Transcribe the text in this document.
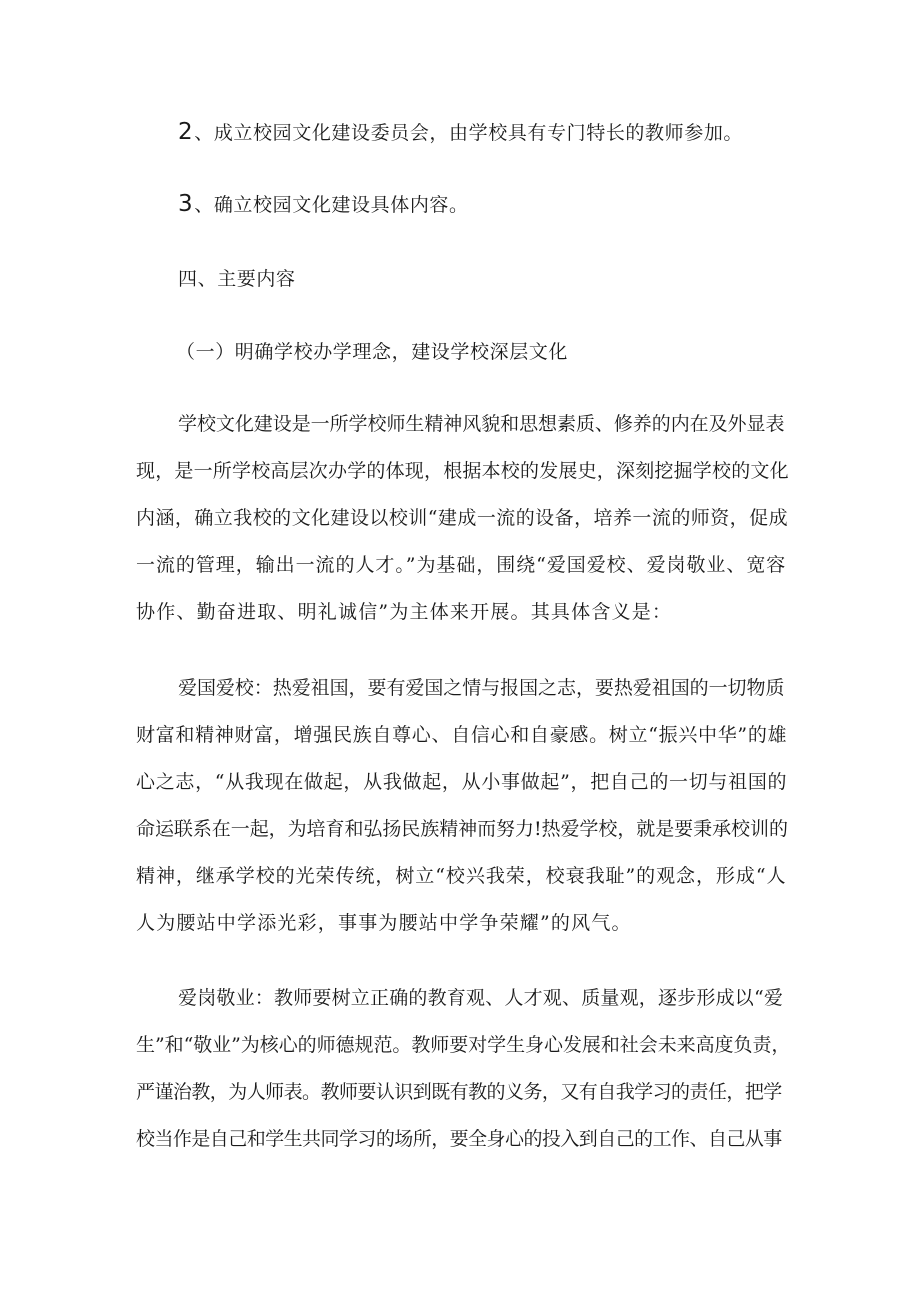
2、成立校园文化建设委员会，由学校具有专门特长的教师参加。
3、确立校园文化建设具体内容。
四、主要内容
（一）明确学校办学理念，建设学校深层文化
学校文化建设是一所学校师生精神风貌和思想素质、修养的内在及外显表
现，是一所学校高层次办学的体现，根据本校的发展史，深刻挖掘学校的文化
内涵，确立我校的文化建设以校训“建成一流的设备，培养一流的师资，促成
一流的管理，输出一流的人才。”为基础，围绕“爱国爱校、爱岗敬业、宽容
协作、勤奋进取、明礼诚信”为主体来开展。其具体含义是：
爱国爱校：热爱祖国，要有爱国之情与报国之志，要热爱祖国的一切物质
财富和精神财富，增强民族自尊心、自信心和自豪感。树立“振兴中华”的雄
心之志，“从我现在做起，从我做起，从小事做起”，把自己的一切与祖国的
命运联系在一起，为培育和弘扬民族精神而努力!热爱学校，就是要秉承校训的
精神，继承学校的光荣传统，树立“校兴我荣，校衰我耻”的观念，形成“人
人为腰站中学添光彩，事事为腰站中学争荣耀”的风气。
爱岗敬业：教师要树立正确的教育观、人才观、质量观，逐步形成以“爱
生”和“敬业”为核心的师德规范。教师要对学生身心发展和社会未来高度负责，
严谨治教，为人师表。教师要认识到既有教的义务，又有自我学习的责任，把学
校当作是自己和学生共同学习的场所，要全身心的投入到自己的工作、自己从事
